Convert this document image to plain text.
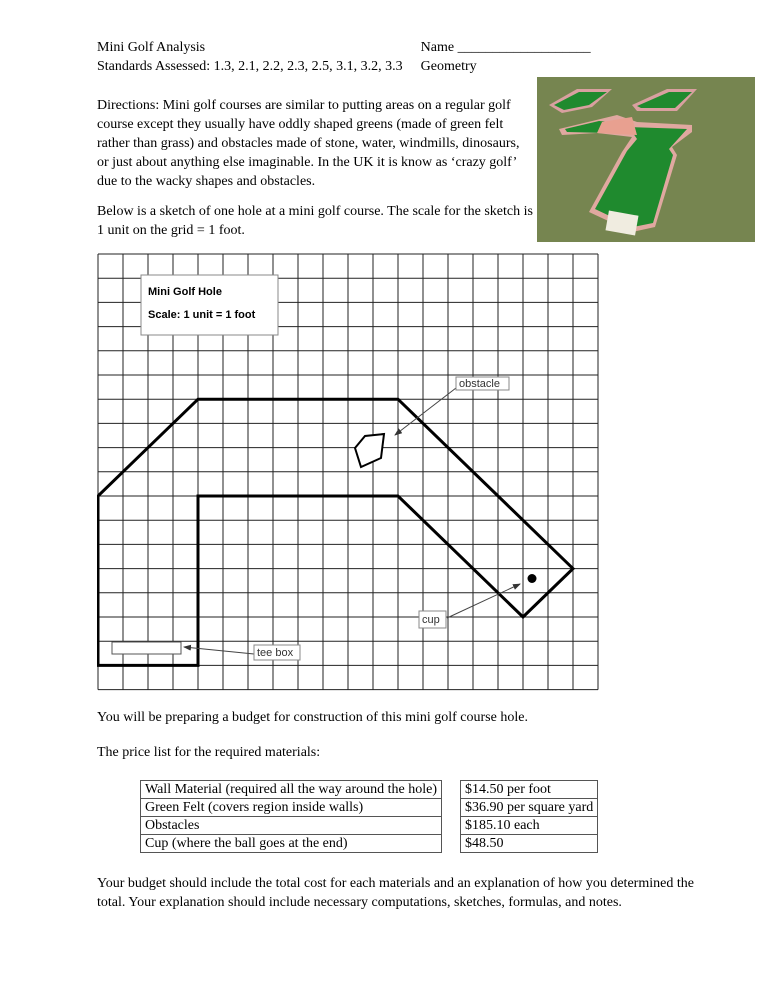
Mini Golf Analysis

Standards Assessed: 1.3, 2.1, 2.2, 2.3, 2.5, 3.1, 3.2, 3.3

Name ___________________

Geometry

Directions: Mini golf courses are similar to putting areas on a regular golf course except they usually have oddly shaped greens (made of green felt rather than grass) and obstacles made of stone, water, windmills, dinosaurs, or just about anything else imaginable. In the UK it is know as ‘crazy golf’ due to the wacky shapes and obstacles.

Below is a sketch of one hole at a mini golf course. The scale for the sketch is 1 unit on the grid = 1 foot.

Mini Golf Hole
Scale: 1 unit = 1 foot
obstacle
cup
tee box

You will be preparing a budget for construction of this mini golf course hole.

The price list for the required materials:

Wall Material (required all the way around the hole)		$14.50 per foot
Green Felt (covers region inside walls)		$36.90 per square yard
Obstacles		$185.10 each
Cup (where the ball goes at the end)		$48.50

Your budget should include the total cost for each materials and an explanation of how you determined the total. Your explanation should include necessary computations, sketches, formulas, and notes.
